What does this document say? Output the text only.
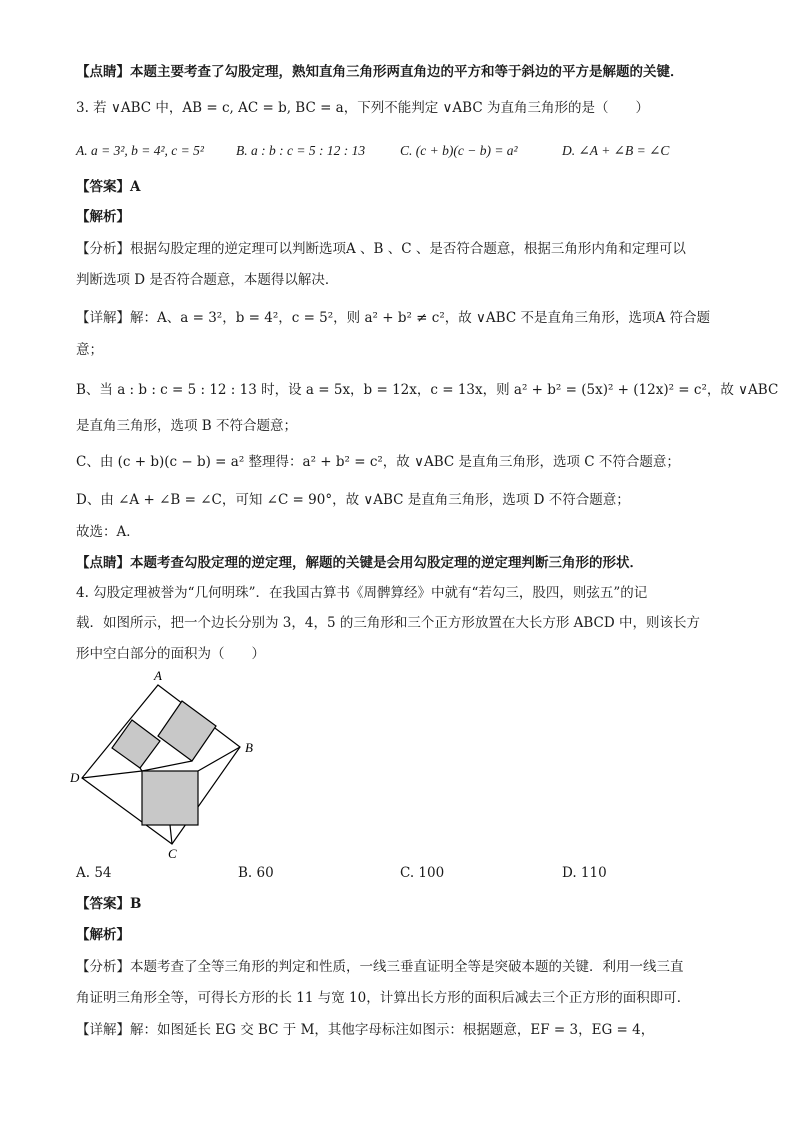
【点睛】本题主要考查了勾股定理，熟知直角三角形两直角边的平方和等于斜边的平方是解题的关键．
3. 若 ∨ABC 中，AB = c, AC = b, BC = a，下列不能判定 ∨ABC 为直角三角形的是（　　）
A. a = 3², b = 4², c = 5² B. a : b : c = 5 : 12 : 13	C. (c + b)(c − b) = a²	D. ∠A + ∠B = ∠C
【答案】A
【解析】
【分析】根据勾股定理的逆定理可以判断选项A 、B 、C 、是否符合题意，根据三角形内角和定理可以
判断选项 D 是否符合题意，本题得以解决．
【详解】解：A、a = 3²，b = 4²，c = 5²，则 a² + b² ≠ c²，故 ∨ABC 不是直角三角形，选项A 符合题
意；
B、当 a : b : c = 5 : 12 : 13 时，设 a = 5x，b = 12x，c = 13x，则 a² + b² = (5x)² + (12x)² = c²，故 ∨ABC
是直角三角形，选项 B 不符合题意；
C、由 (c + b)(c − b) = a² 整理得：a² + b² = c²，故 ∨ABC 是直角三角形，选项 C 不符合题意；
D、由 ∠A + ∠B = ∠C，可知 ∠C = 90°，故 ∨ABC 是直角三角形，选项 D 不符合题意；
故选：A．
【点睛】本题考查勾股定理的逆定理，解题的关键是会用勾股定理的逆定理判断三角形的形状．
4. 勾股定理被誉为“几何明珠”．在我国古算书《周髀算经》中就有“若勾三，股四，则弦五”的记
载．如图所示，把一个边长分别为 3，4，5 的三角形和三个正方形放置在大长方形 ABCD 中，则该长方
形中空白部分的面积为（　　）
A
B
C
D
A. 54	B. 60	C. 100	D. 110
【答案】B
【解析】
【分析】本题考查了全等三角形的判定和性质，一线三垂直证明全等是突破本题的关键．利用一线三直
角证明三角形全等，可得长方形的长 11 与宽 10，计算出长方形的面积后减去三个正方形的面积即可．
【详解】解：如图延长 EG 交 BC 于 M，其他字母标注如图示：根据题意，EF = 3，EG = 4，
